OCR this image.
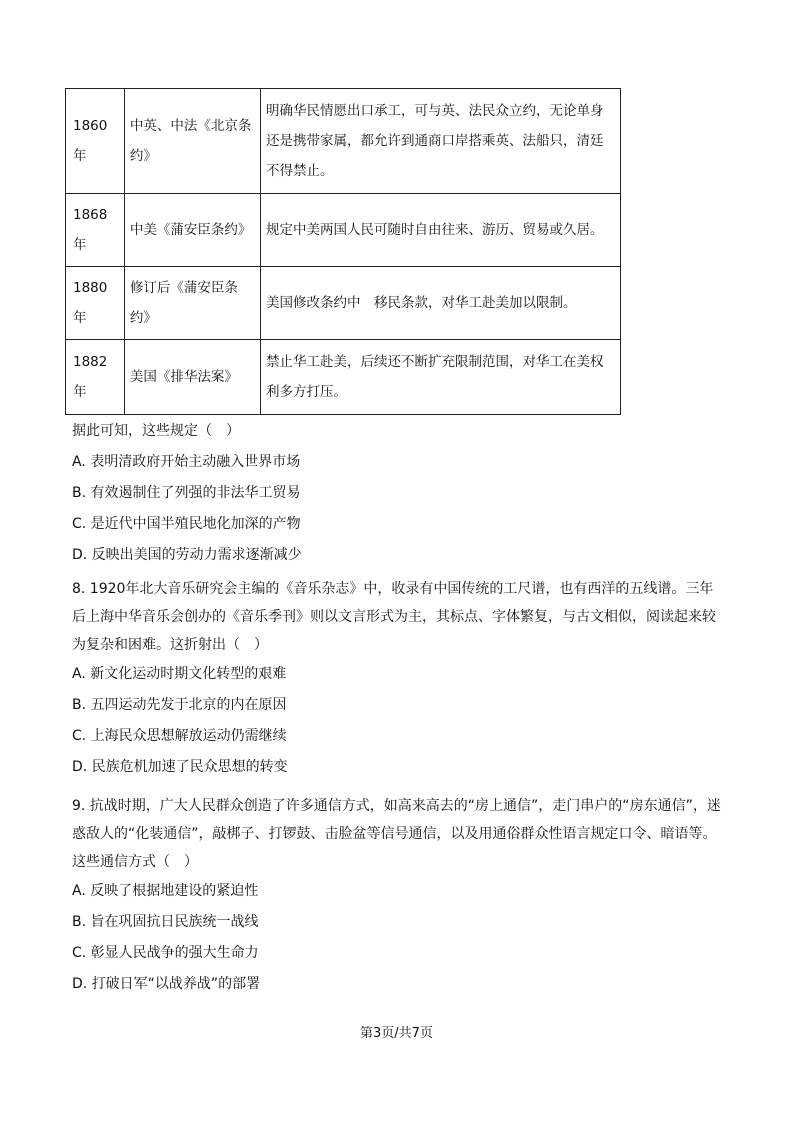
1860年	中英、中法《北京条约》	明确华民情愿出口承工，可与英、法民众立约，无论单身还是携带家属，都允许到通商口岸搭乘英、法船只，清廷不得禁止。
1868年	中美《蒲安臣条约》	规定中美两国人民可随时自由往来、游历、贸易或久居。
1880年	修订后《蒲安臣条约》	美国修改条约中　移民条款，对华工赴美加以限制。
1882年	美国《排华法案》	禁止华工赴美，后续还不断扩充限制范围，对华工在美权利多方打压。
据此可知，这些规定（　）
A. 表明清政府开始主动融入世界市场
B. 有效遏制住了列强的非法华工贸易
C. 是近代中国半殖民地化加深的产物
D. 反映出美国的劳动力需求逐渐减少
8. 1920年北大音乐研究会主编的《音乐杂志》中，收录有中国传统的工尺谱，也有西洋的五线谱。三年后上海中华音乐会创办的《音乐季刊》则以文言形式为主，其标点、字体繁复，与古文相似，阅读起来较为复杂和困难。这折射出（　）
A. 新文化运动时期文化转型的艰难
B. 五四运动先发于北京的内在原因
C. 上海民众思想解放运动仍需继续
D. 民族危机加速了民众思想的转变
9. 抗战时期，广大人民群众创造了许多通信方式，如高来高去的“房上通信”，走门串户的“房东通信”，迷惑敌人的“化装通信”，敲梆子、打锣鼓、击脸盆等信号通信，以及用通俗群众性语言规定口令、暗语等。这些通信方式（　）
A. 反映了根据地建设的紧迫性
B. 旨在巩固抗日民族统一战线
C. 彰显人民战争的强大生命力
D. 打破日军“以战养战”的部署
第3页/共7页
